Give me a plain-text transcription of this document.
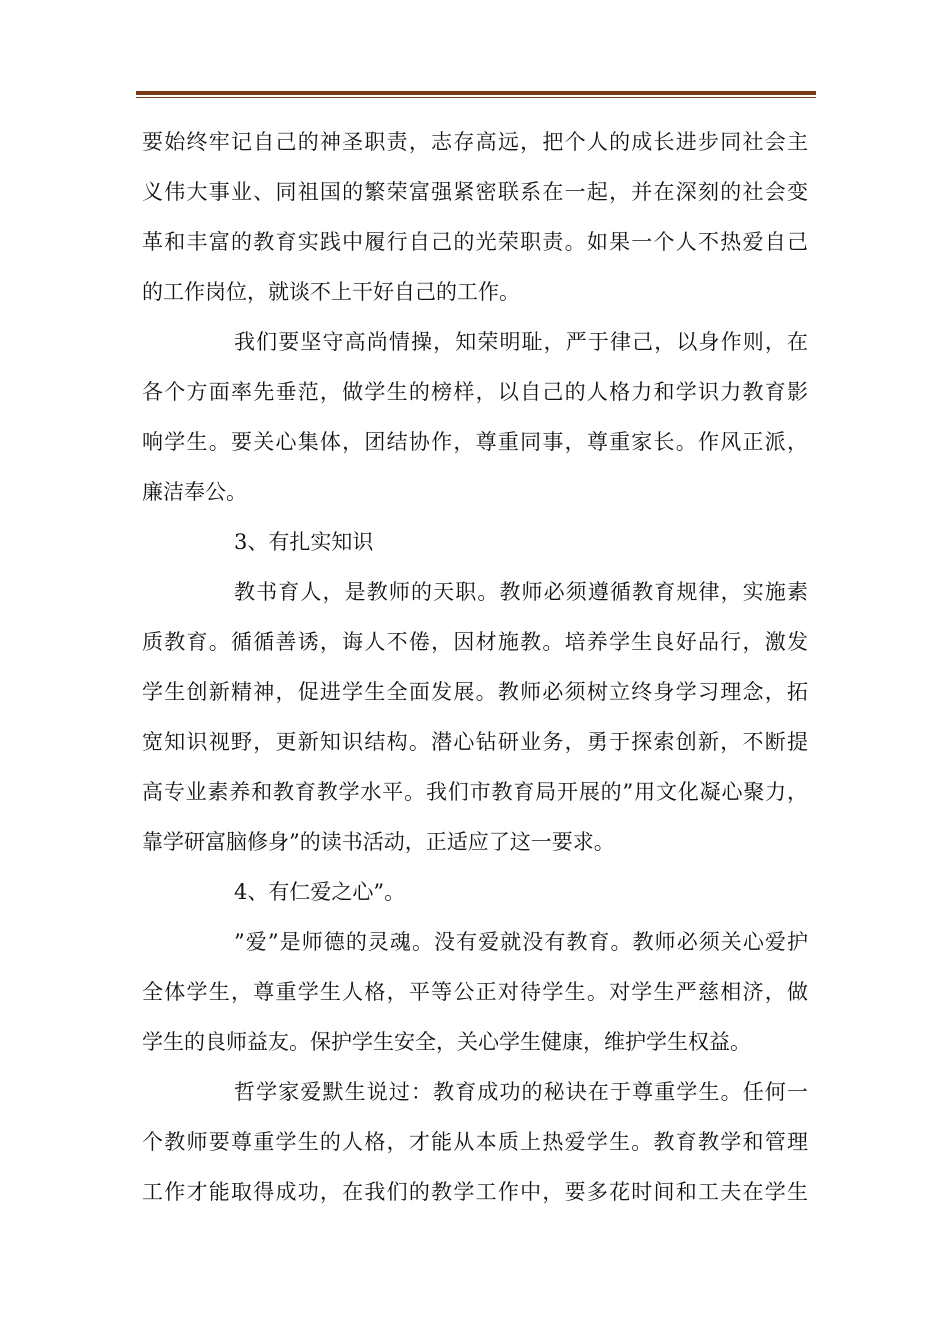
要始终牢记自己的神圣职责，志存高远，把个人的成长进步同社会主
义伟大事业、同祖国的繁荣富强紧密联系在一起，并在深刻的社会变
革和丰富的教育实践中履行自己的光荣职责。如果一个人不热爱自己
的工作岗位，就谈不上干好自己的工作。
我们要坚守高尚情操，知荣明耻，严于律己，以身作则，在
各个方面率先垂范，做学生的榜样，以自己的人格力和学识力教育影
响学生。要关心集体，团结协作，尊重同事，尊重家长。作风正派，
廉洁奉公。
3、有扎实知识
教书育人，是教师的天职。教师必须遵循教育规律，实施素
质教育。循循善诱，诲人不倦，因材施教。培养学生良好品行，激发
学生创新精神，促进学生全面发展。教师必须树立终身学习理念，拓
宽知识视野，更新知识结构。潜心钻研业务，勇于探索创新，不断提
高专业素养和教育教学水平。我们市教育局开展的”用文化凝心聚力，
靠学研富脑修身”的读书活动，正适应了这一要求。
4、有仁爱之心”。
”爱”是师德的灵魂。没有爱就没有教育。教师必须关心爱护
全体学生，尊重学生人格，平等公正对待学生。对学生严慈相济，做
学生的良师益友。保护学生安全，关心学生健康，维护学生权益。
哲学家爱默生说过：教育成功的秘诀在于尊重学生。任何一
个教师要尊重学生的人格，才能从本质上热爱学生。教育教学和管理
工作才能取得成功，在我们的教学工作中，要多花时间和工夫在学生
